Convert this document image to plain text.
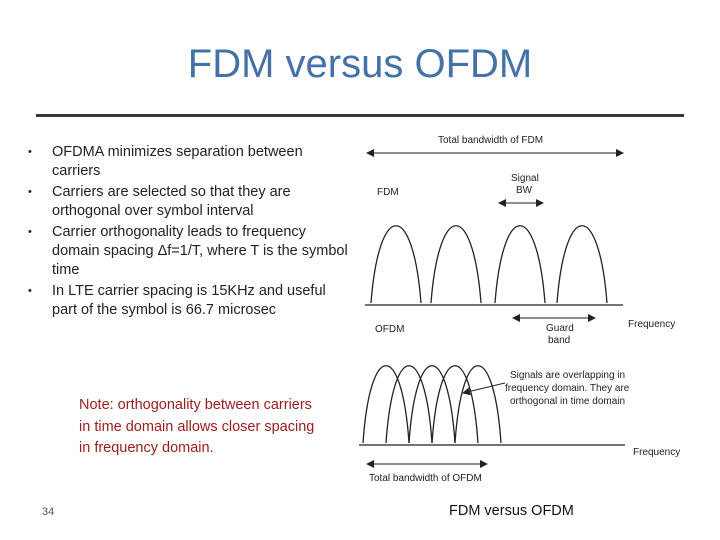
FDM versus OFDM
• OFDMA minimizes separation between carriers
• Carriers are selected so that they are orthogonal over symbol interval
• Carrier orthogonality leads to frequency domain spacing Δf=1/T, where T is the symbol time
• In LTE carrier spacing is 15KHz and useful part of the symbol is 66.7 microsec
Note: orthogonality between carriers in time domain allows closer spacing in frequency domain.
Total bandwidth of FDM
FDM
Signal
BW
Frequency
OFDM	Guard
band
Signals are overlapping in
frequency domain. They are
orthogonal in time domain
Frequency
Total bandwidth of OFDM
34	FDM versus OFDM
